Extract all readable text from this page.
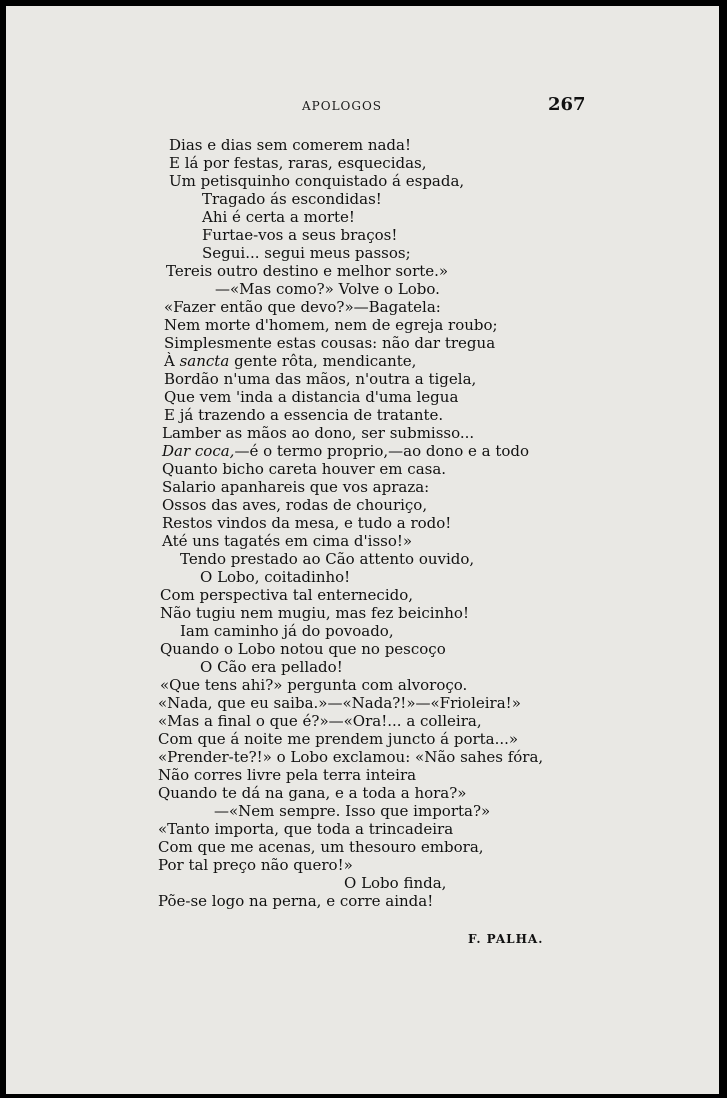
APOLOGOS	267
Dias e dias sem comerem nada!
E lá por festas, raras, esquecidas,
Um petisquinho conquistado á espada,
Tragado ás escondidas!
Ahi é certa a morte!
Furtae-vos a seus braços!
Segui... segui meus passos;
Tereis outro destino e melhor sorte.»
—«Mas como?» Volve o Lobo.
«Fazer então que devo?»—Bagatela:
Nem morte d'homem, nem de egreja roubo;
Simplesmente estas cousas: não dar tregua
À sancta gente rôta, mendicante,
Bordão n'uma das mãos, n'outra a tigela,
Que vem 'inda a distancia d'uma legua
E já trazendo a essencia de tratante.
Lamber as mãos ao dono, ser submisso...
Dar coca,—é o termo proprio,—ao dono e a todo
Quanto bicho careta houver em casa.
Salario apanhareis que vos apraza:
Ossos das aves, rodas de chouriço,
Restos vindos da mesa, e tudo a rodo!
Até uns tagatés em cima d'isso!»
Tendo prestado ao Cão attento ouvido,
O Lobo, coitadinho!
Com perspectiva tal enternecido,
Não tugiu nem mugiu, mas fez beicinho!
Iam caminho já do povoado,
Quando o Lobo notou que no pescoço
O Cão era pellado!
«Que tens ahi?» pergunta com alvoroço.
«Nada, que eu saiba.»—«Nada?!»—«Frioleira!»
«Mas a final o que é?»—«Ora!... a colleira,
Com que á noite me prendem juncto á porta...»
«Prender-te?!» o Lobo exclamou: «Não sahes fóra,
Não corres livre pela terra inteira
Quando te dá na gana, e a toda a hora?»
—«Nem sempre. Isso que importa?»
«Tanto importa, que toda a trincadeira
Com que me acenas, um thesouro embora,
Por tal preço não quero!»
O Lobo finda,
Põe-se logo na perna, e corre ainda!
F. PALHA.
